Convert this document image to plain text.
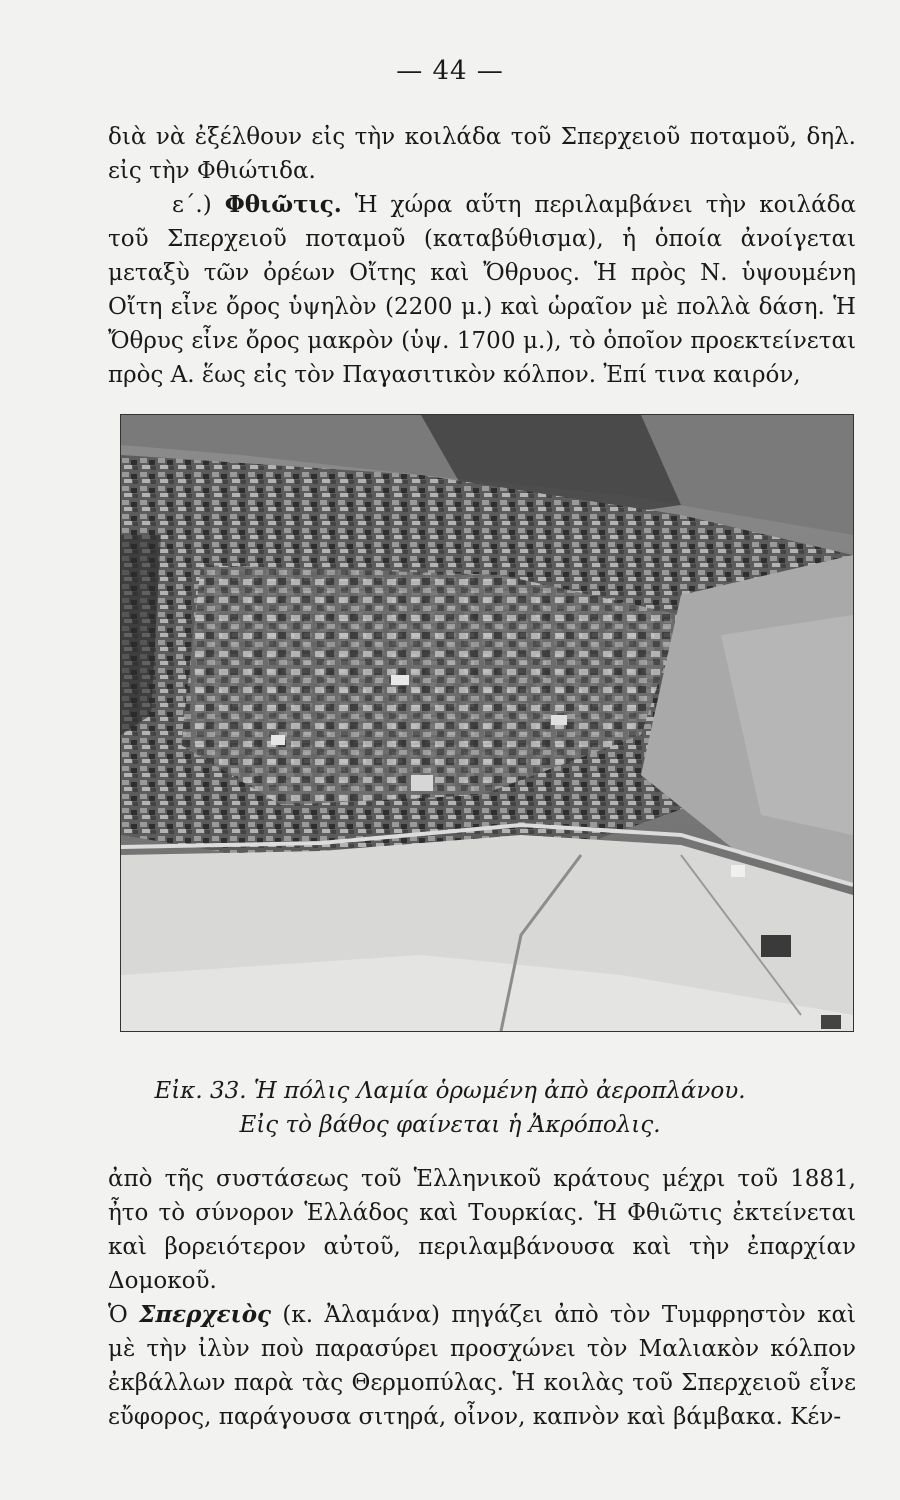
— 44 —

διὰ νὰ ἐξέλθουν εἰς τὴν κοιλάδα τοῦ Σπερχειοῦ ποταμοῦ, δηλ. εἰς τὴν Φθιώτιδα.

ε΄.) Φθιῶτις. Ἡ χώρα αὕτη περιλαμβάνει τὴν κοιλάδα τοῦ Σπερχειοῦ ποταμοῦ (καταβύθισμα), ἡ ὁποία ἀνοίγεται μεταξὺ τῶν ὀρέων Οἴτης καὶ Ὄθρυος. Ἡ πρὸς Ν. ὑψουμένη Οἴτη εἶνε ὄρος ὑψηλὸν (2200 μ.) καὶ ὡραῖον μὲ πολλὰ δάση. Ἡ Ὄθρυς εἶνε ὄρος μακρὸν (ὑψ. 1700 μ.), τὸ ὁποῖον προεκτείνεται πρὸς Α. ἕως εἰς τὸν Παγασιτικὸν κόλπον. Ἐπί τινα καιρόν,

Εἰκ. 33. Ἡ πόλις Λαμία ὁρωμένη ἀπὸ ἀεροπλάνου.
Εἰς τὸ βάθος φαίνεται ἡ Ἀκρόπολις.

ἀπὸ τῆς συστάσεως τοῦ Ἑλληνικοῦ κράτους μέχρι τοῦ 1881, ἦτο τὸ σύνορον Ἑλλάδος καὶ Τουρκίας. Ἡ Φθιῶτις ἐκτείνεται καὶ βορειότερον αὐτοῦ, περιλαμβάνουσα καὶ τὴν ἐπαρχίαν Δομοκοῦ.
Ὁ Σπερχειὸς (κ. Ἀλαμάνα) πηγάζει ἀπὸ τὸν Τυμφρηστὸν καὶ μὲ τὴν ἰλὺν ποὺ παρασύρει προσχώνει τὸν Μαλιακὸν κόλπον ἐκβάλλων παρὰ τὰς Θερμοπύλας. Ἡ κοιλὰς τοῦ Σπερχειοῦ εἶνε εὔφορος, παράγουσα σιτηρά, οἶνον, καπνὸν καὶ βάμβακα. Κέν-
